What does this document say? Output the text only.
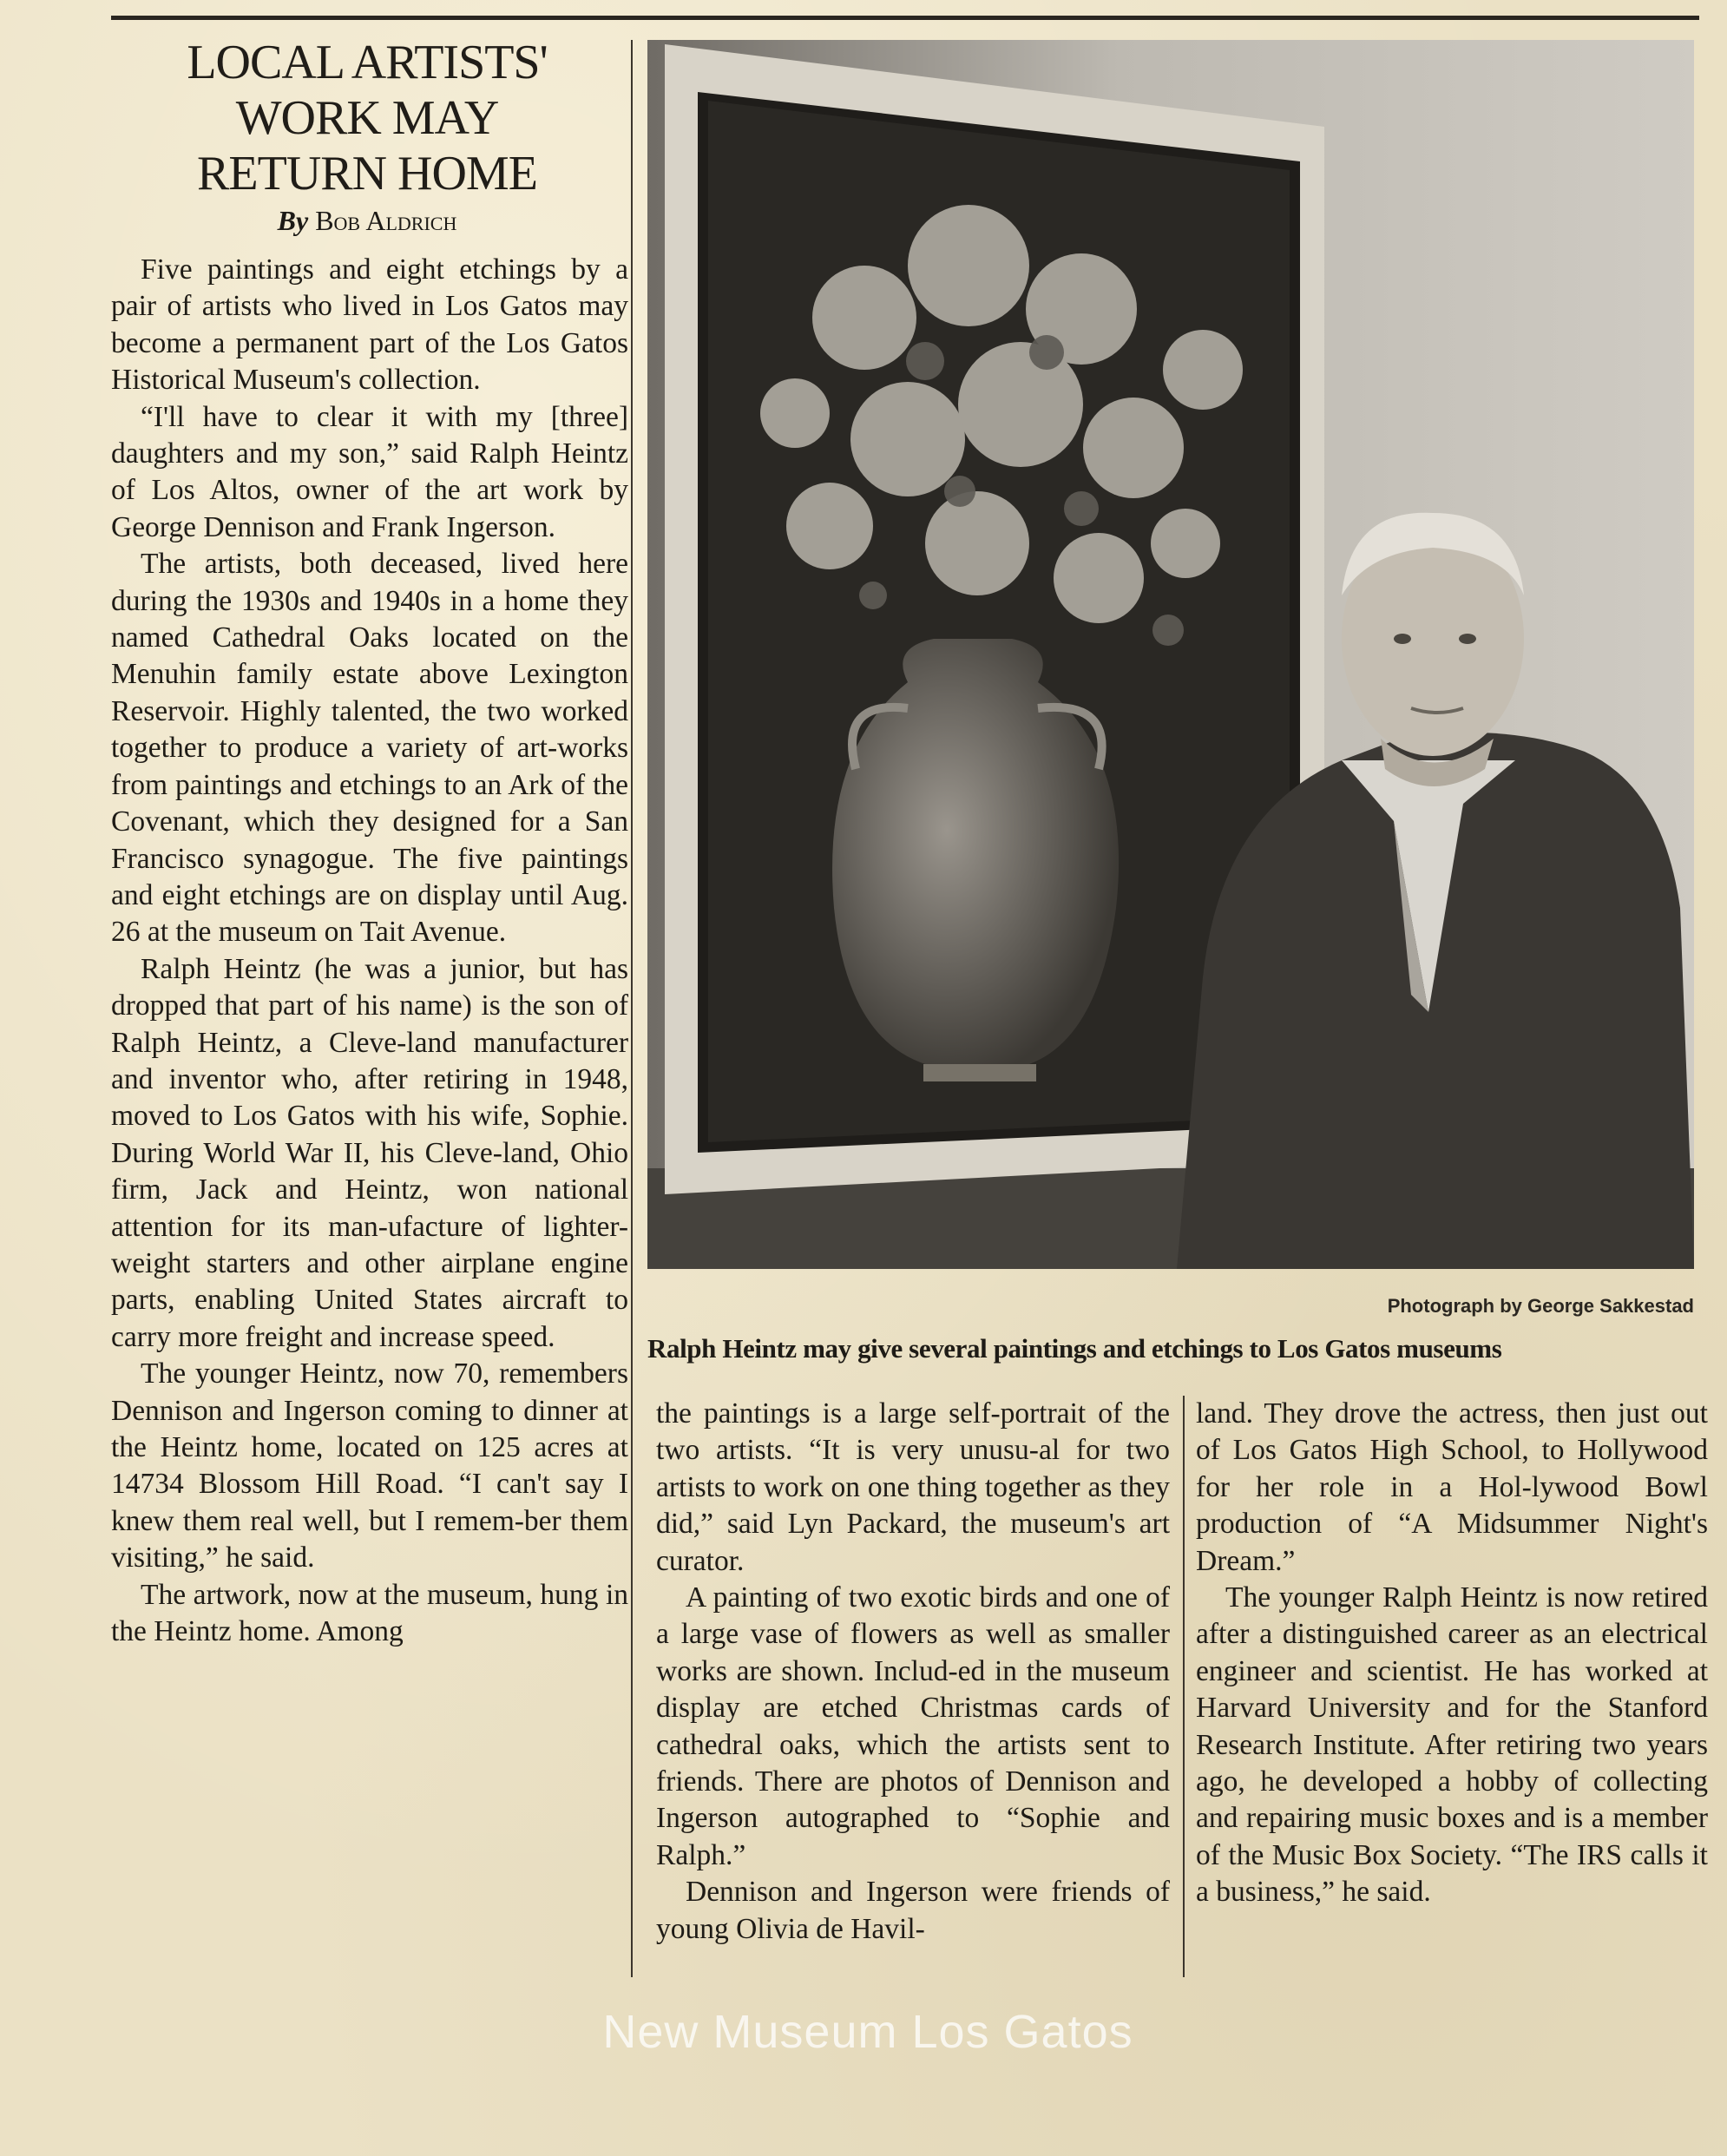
LOCAL ARTISTS'
WORK MAY
RETURN HOME
By Bob Aldrich

Five paintings and eight etchings by a pair of artists who lived in Los Gatos may become a permanent part of the Los Gatos Historical Museum's collection.

“I'll have to clear it with my [three] daughters and my son,” said Ralph Heintz of Los Altos, owner of the art work by George Dennison and Frank Ingerson.

The artists, both deceased, lived here during the 1930s and 1940s in a home they named Cathedral Oaks located on the Menuhin family estate above Lexington Reservoir. Highly talented, the two worked together to produce a variety of art-works from paintings and etchings to an Ark of the Covenant, which they designed for a San Francisco synagogue. The five paintings and eight etchings are on display until Aug. 26 at the museum on Tait Avenue.

Ralph Heintz (he was a junior, but has dropped that part of his name) is the son of Ralph Heintz, a Cleve-land manufacturer and inventor who, after retiring in 1948, moved to Los Gatos with his wife, Sophie. During World War II, his Cleve-land, Ohio firm, Jack and Heintz, won national attention for its man-ufacture of lighter-weight starters and other airplane engine parts, enabling United States aircraft to carry more freight and increase speed.

The younger Heintz, now 70, remembers Dennison and Ingerson coming to dinner at the Heintz home, located on 125 acres at 14734 Blossom Hill Road. “I can't say I knew them real well, but I remem-ber them visiting,” he said.

The artwork, now at the museum, hung in the Heintz home. Among

Photograph by George Sakkestad
Ralph Heintz may give several paintings and etchings to Los Gatos museums

the paintings is a large self-portrait of the two artists. “It is very unusu-al for two artists to work on one thing together as they did,” said Lyn Packard, the museum's art curator.

A painting of two exotic birds and one of a large vase of flowers as well as smaller works are shown. Includ-ed in the museum display are etched Christmas cards of cathedral oaks, which the artists sent to friends. There are photos of Dennison and Ingerson autographed to “Sophie and Ralph.”

Dennison and Ingerson were friends of young Olivia de Havil-

land. They drove the actress, then just out of Los Gatos High School, to Hollywood for her role in a Hol-lywood Bowl production of “A Midsummer Night's Dream.”

The younger Ralph Heintz is now retired after a distinguished career as an electrical engineer and scientist. He has worked at Harvard University and for the Stanford Research Institute. After retiring two years ago, he developed a hobby of collecting and repairing music boxes and is a member of the Music Box Society. “The IRS calls it a business,” he said.

New Museum Los Gatos
